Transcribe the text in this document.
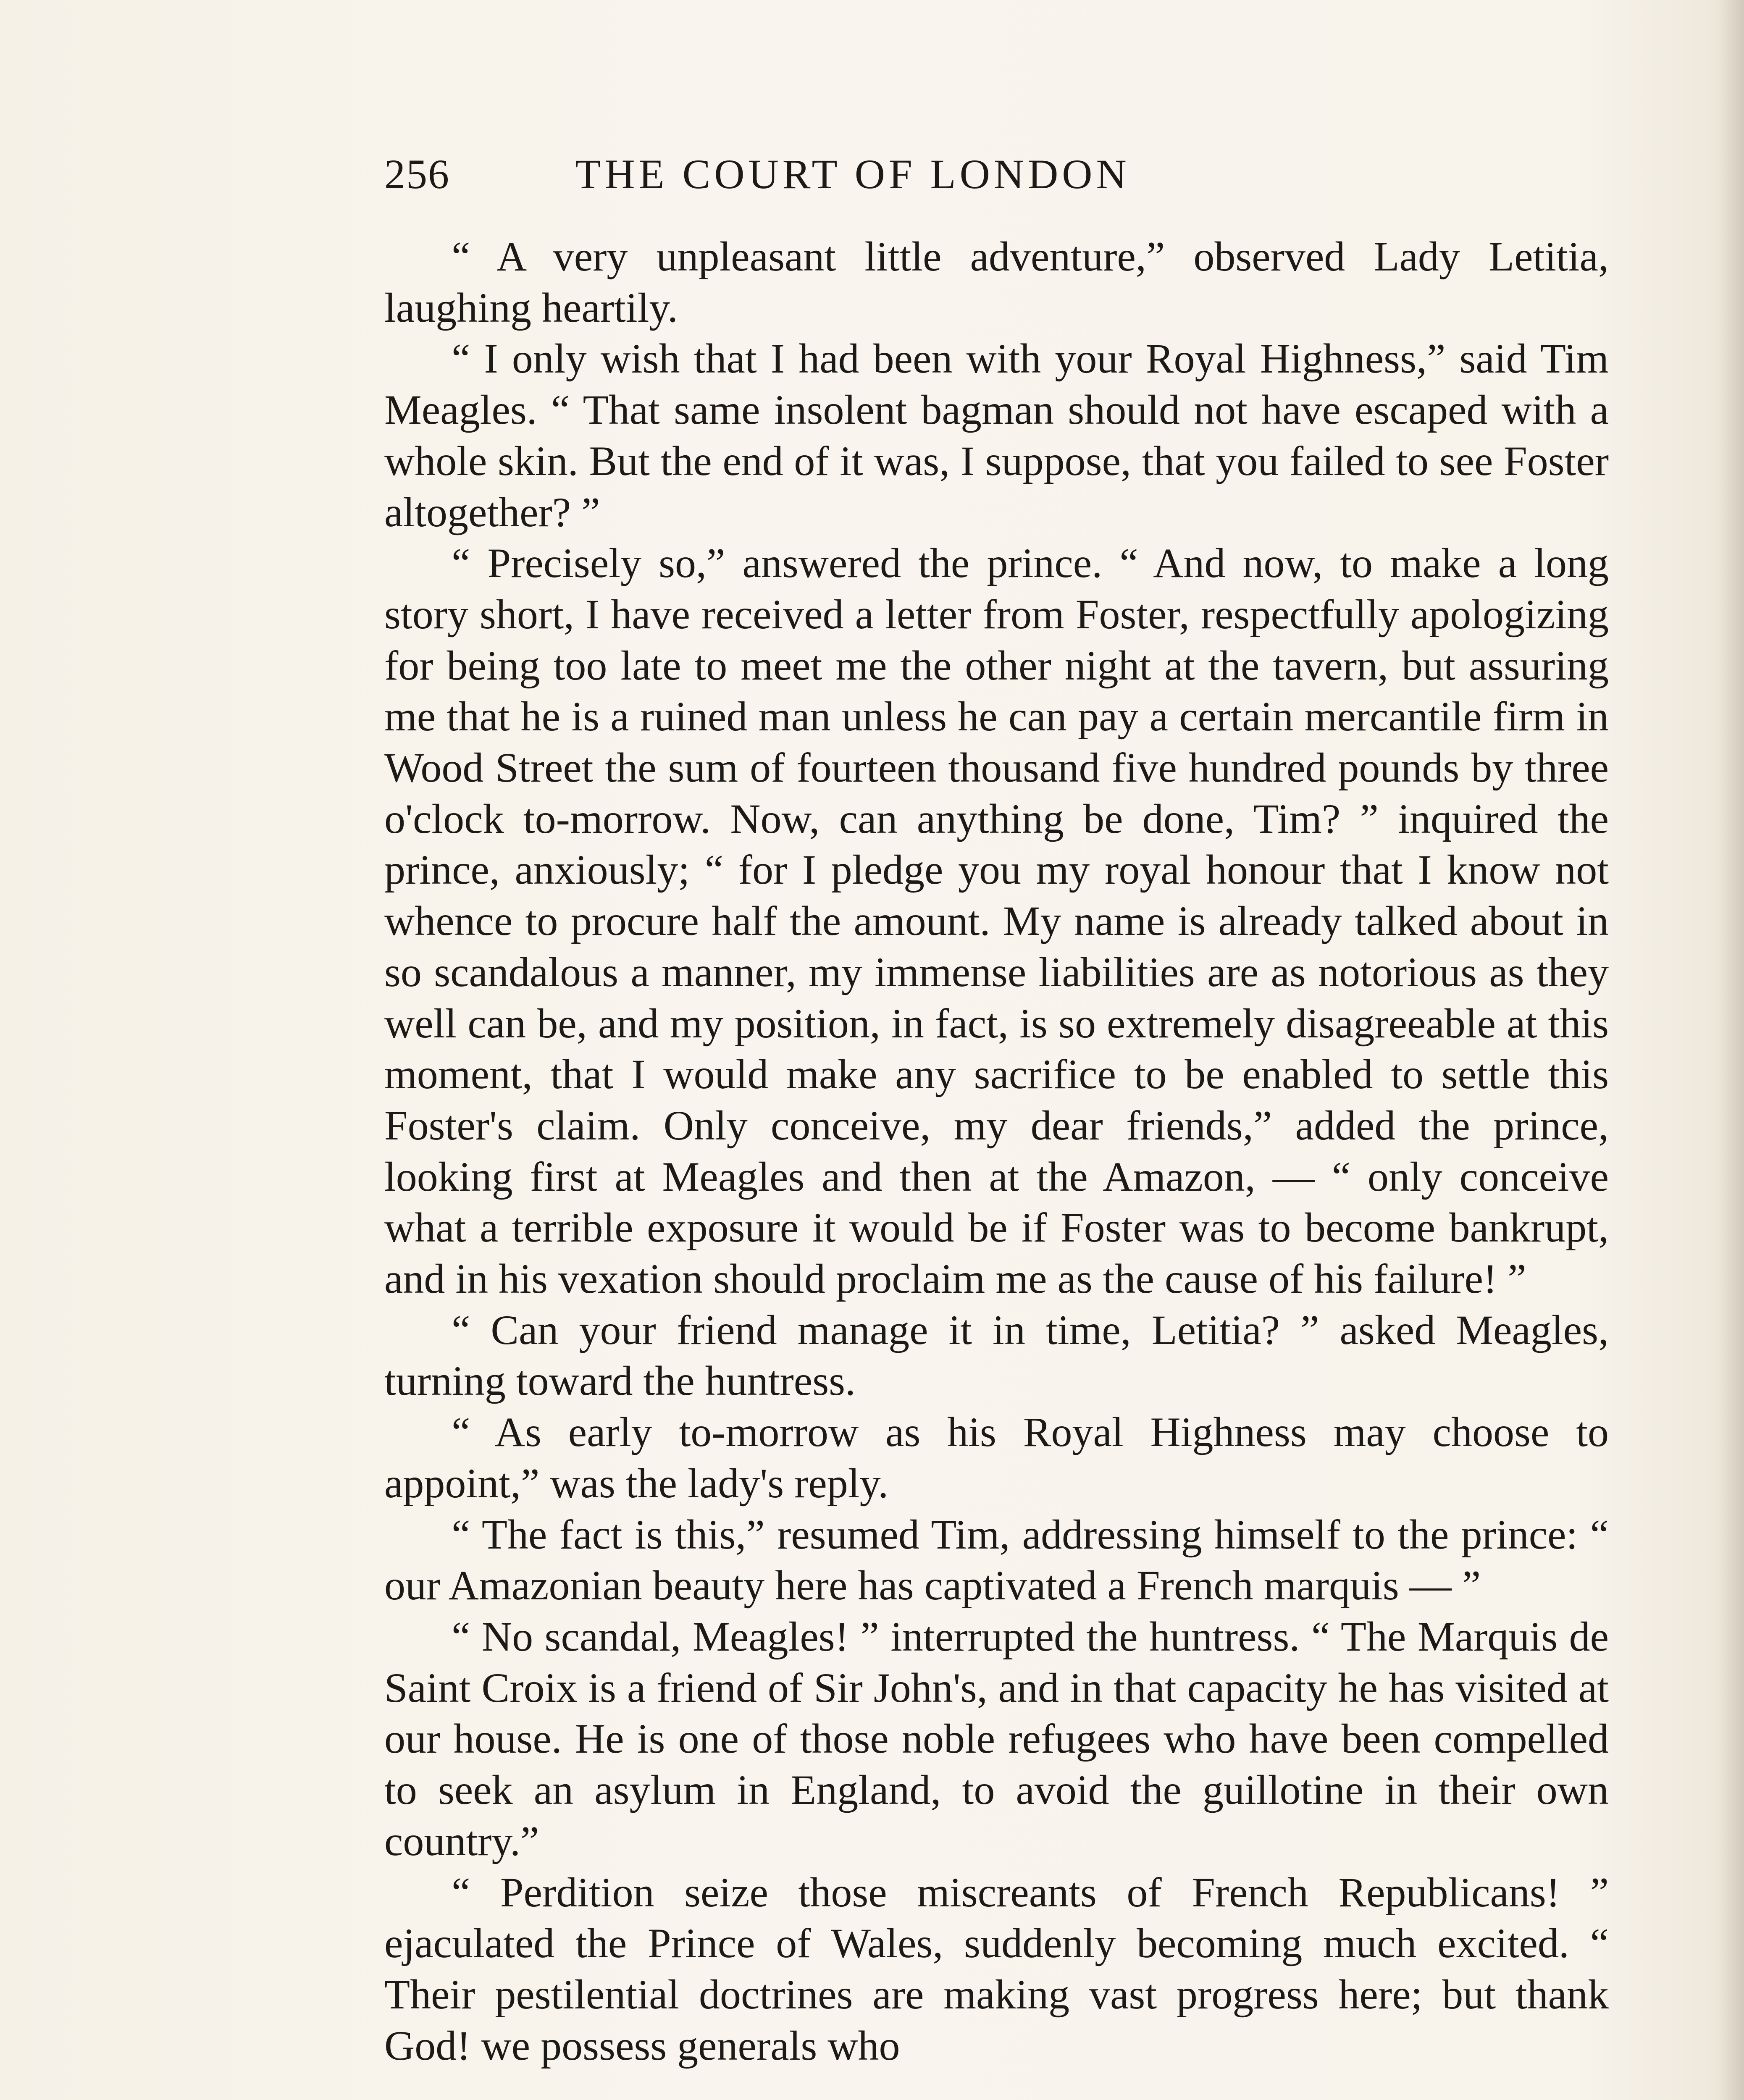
256	THE COURT OF LONDON

“ A very unpleasant little adventure,” observed Lady Letitia, laughing heartily.

“ I only wish that I had been with your Royal Highness,” said Tim Meagles. “ That same insolent bagman should not have escaped with a whole skin. But the end of it was, I suppose, that you failed to see Foster altogether? ”

“ Precisely so,” answered the prince. “ And now, to make a long story short, I have received a letter from Foster, respectfully apologizing for being too late to meet me the other night at the tavern, but assuring me that he is a ruined man unless he can pay a certain mercantile firm in Wood Street the sum of fourteen thousand five hundred pounds by three o'clock to-morrow. Now, can anything be done, Tim? ” inquired the prince, anxiously; “ for I pledge you my royal honour that I know not whence to procure half the amount. My name is already talked about in so scandalous a manner, my immense liabilities are as notorious as they well can be, and my position, in fact, is so extremely disagreeable at this moment, that I would make any sacrifice to be enabled to settle this Foster's claim. Only conceive, my dear friends,” added the prince, looking first at Meagles and then at the Amazon, — “ only conceive what a terrible exposure it would be if Foster was to become bankrupt, and in his vexation should proclaim me as the cause of his failure! ”

“ Can your friend manage it in time, Letitia? ” asked Meagles, turning toward the huntress.

“ As early to-morrow as his Royal Highness may choose to appoint,” was the lady's reply.

“ The fact is this,” resumed Tim, addressing himself to the prince: “ our Amazonian beauty here has captivated a French marquis — ”

“ No scandal, Meagles! ” interrupted the huntress. “ The Marquis de Saint Croix is a friend of Sir John's, and in that capacity he has visited at our house. He is one of those noble refugees who have been compelled to seek an asylum in England, to avoid the guillotine in their own country.”

“ Perdition seize those miscreants of French Republicans! ” ejaculated the Prince of Wales, suddenly becoming much excited. “ Their pestilential doctrines are making vast progress here; but thank God! we possess generals who
